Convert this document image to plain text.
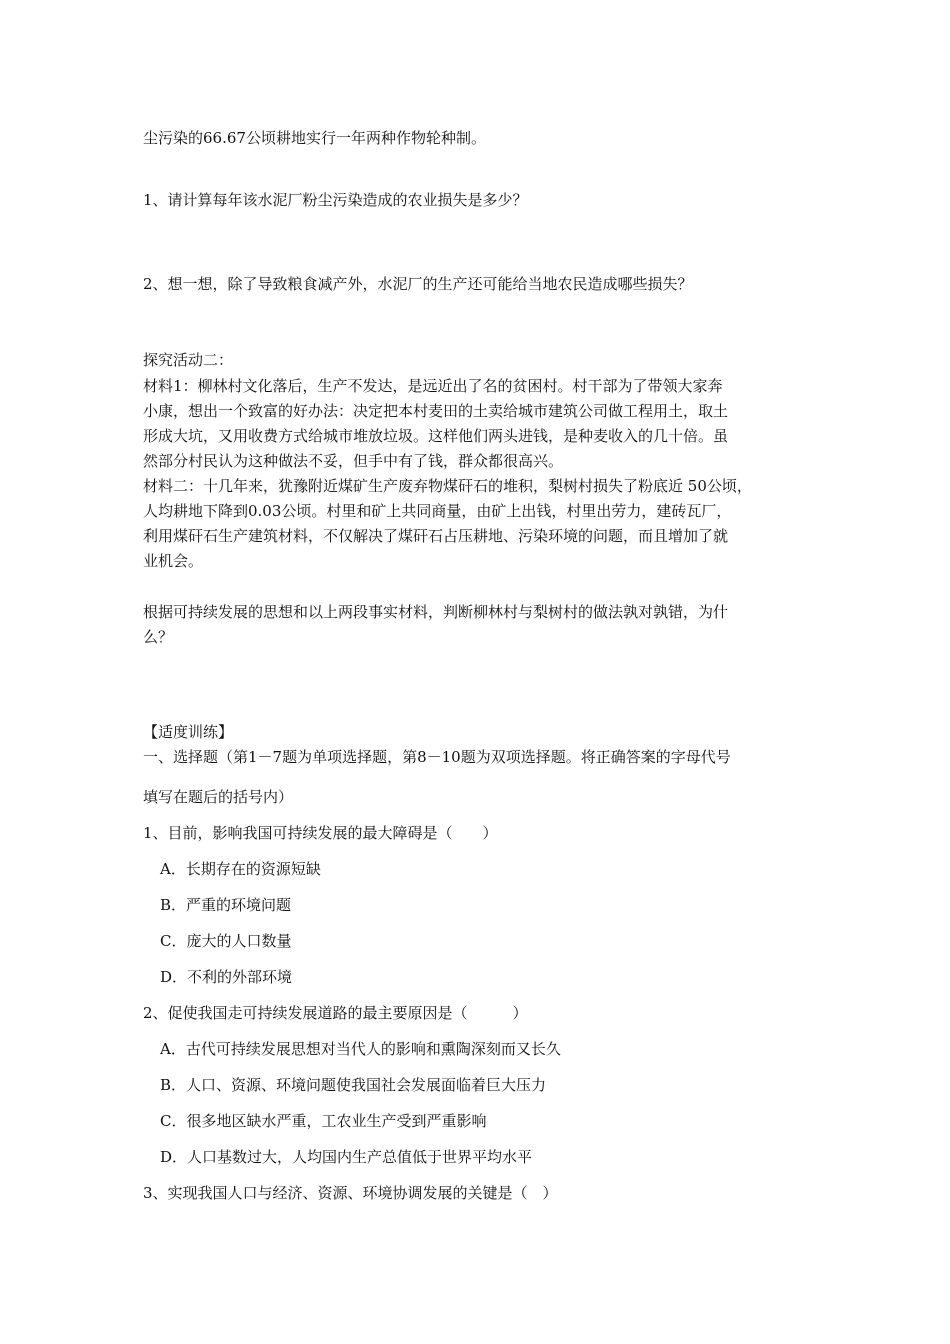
尘污染的66.67公顷耕地实行一年两种作物轮种制。
1、请计算每年该水泥厂粉尘污染造成的农业损失是多少？
2、想一想，除了导致粮食减产外，水泥厂的生产还可能给当地农民造成哪些损失？
探究活动二：
材料1：柳林村文化落后，生产不发达，是远近出了名的贫困村。村干部为了带领大家奔
小康，想出一个致富的好办法：决定把本村麦田的土卖给城市建筑公司做工程用土，取土
形成大坑，又用收费方式给城市堆放垃圾。这样他们两头进钱，是种麦收入的几十倍。虽
然部分村民认为这种做法不妥，但手中有了钱，群众都很高兴。
材料二：十几年来，犹豫附近煤矿生产废弃物煤矸石的堆积，梨树村损失了粉底近 50公顷，
人均耕地下降到0.03公顷。村里和矿上共同商量，由矿上出钱，村里出劳力，建砖瓦厂，
利用煤矸石生产建筑材料，不仅解决了煤矸石占压耕地、污染环境的问题，而且增加了就
业机会。
根据可持续发展的思想和以上两段事实材料，判断柳林村与梨树村的做法孰对孰错，为什
么？
【适度训练】
一、选择题（第1－7题为单项选择题，第8－10题为双项选择题。将正确答案的字母代号
填写在题后的括号内）
1、目前，影响我国可持续发展的最大障碍是（　　）
A．长期存在的资源短缺
B．严重的环境问题
C．庞大的人口数量
D．不利的外部环境
2、促使我国走可持续发展道路的最主要原因是（　　　）
A．古代可持续发展思想对当代人的影响和熏陶深刻而又长久
B．人口、资源、环境问题使我国社会发展面临着巨大压力
C．很多地区缺水严重，工农业生产受到严重影响
D．人口基数过大，人均国内生产总值低于世界平均水平
3、实现我国人口与经济、资源、环境协调发展的关键是（　）
